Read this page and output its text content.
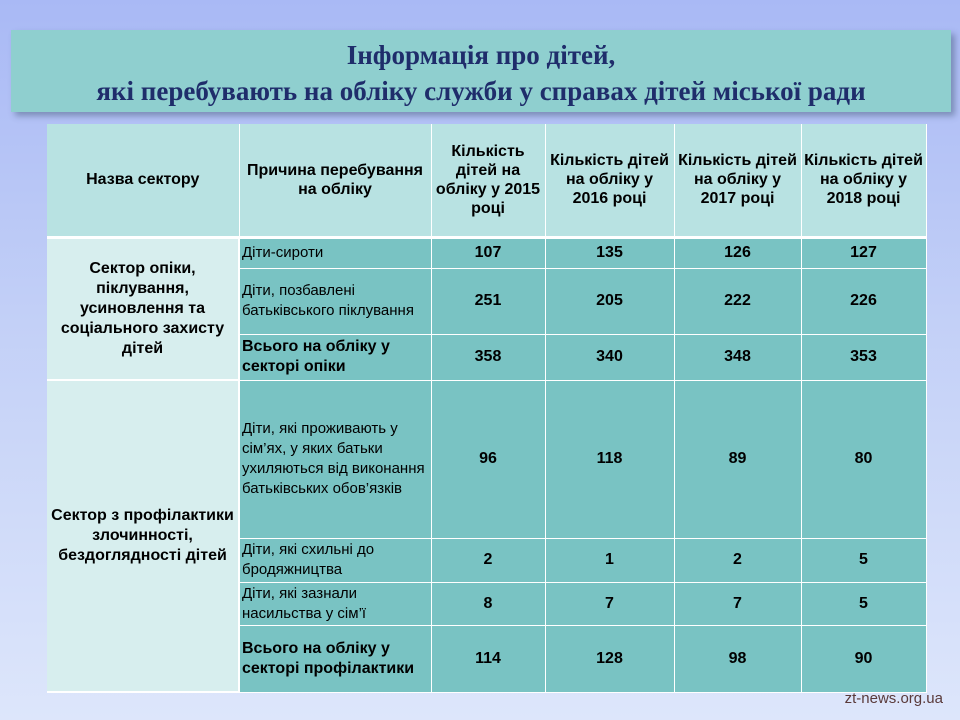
Інформація про дітей,
які перебувають на обліку служби у справах дітей міської ради
Назва сектору	Причина перебування на обліку	Кількість дітей на обліку у 2015 році	Кількість дітей на обліку у 2016 році	Кількість дітей на обліку у 2017 році	Кількість дітей на обліку у 2018 році
Сектор опіки, піклування, усиновлення та соціального захисту дітей	Діти-сироти	107	135	126	127
	Діти, позбавлені батьківського піклування	251	205	222	226
	Всього на обліку у секторі опіки	358	340	348	353
Сектор з профілактики злочинності, бездоглядності дітей	Діти, які проживають у сім’ях, у яких батьки ухиляються від виконання батьківських обов’язків	96	118	89	80
	Діти, які схильні до бродяжництва	2	1	2	5
	Діти, які зазнали насильства у сім’ї	8	7	7	5
	Всього на обліку у секторі профілактики	114	128	98	90
zt-news.org.ua
